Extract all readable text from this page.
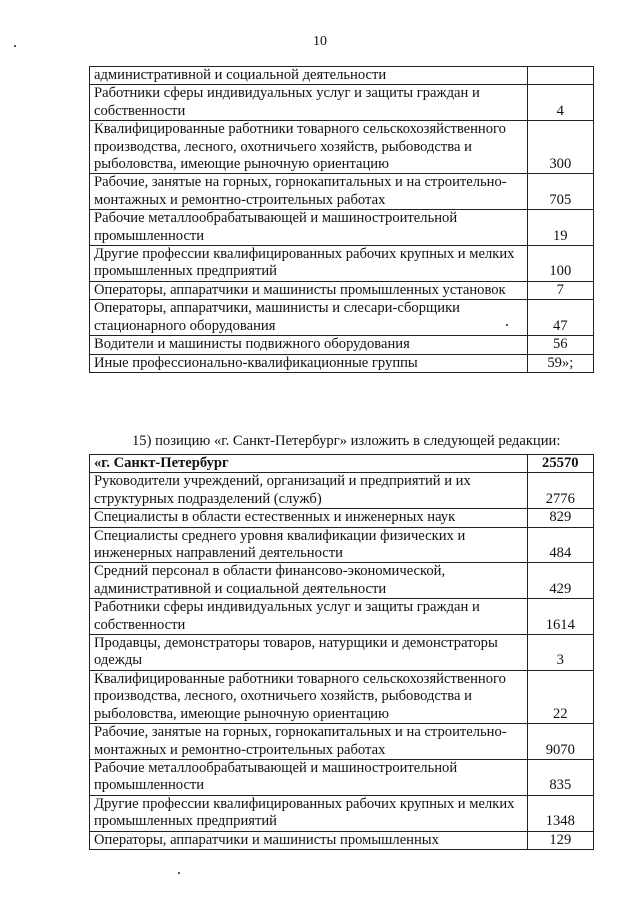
10
административной и социальной деятельности	
Работники сферы индивидуальных услуг и защиты граждан и собственности	4
Квалифицированные работники товарного сельскохозяйственного производства, лесного, охотничьего хозяйств, рыбоводства и рыболовства, имеющие рыночную ориентацию	300
Рабочие, занятые на горных, горнокапитальных и на строительно-монтажных и ремонтно-строительных работах	705
Рабочие металлообрабатывающей и машиностроительной промышленности	19
Другие профессии квалифицированных рабочих крупных и мелких промышленных предприятий	100
Операторы, аппаратчики и машинисты промышленных установок	7
Операторы, аппаратчики, машинисты и слесари-сборщики стационарного оборудования	47
Водители и машинисты подвижного оборудования	56
Иные профессионально-квалификационные группы	59»;
15) позицию «г. Санкт-Петербург» изложить в следующей редакции:
«г. Санкт-Петербург	25570
Руководители учреждений, организаций и предприятий и их структурных подразделений (служб)	2776
Специалисты в области естественных и инженерных наук	829
Специалисты среднего уровня квалификации физических и инженерных направлений деятельности	484
Средний персонал в области финансово-экономической, административной и социальной деятельности	429
Работники сферы индивидуальных услуг и защиты граждан и собственности	1614
Продавцы, демонстраторы товаров, натурщики и демонстраторы одежды	3
Квалифицированные работники товарного сельскохозяйственного производства, лесного, охотничьего хозяйств, рыбоводства и рыболовства, имеющие рыночную ориентацию	22
Рабочие, занятые на горных, горнокапитальных и на строительно-монтажных и ремонтно-строительных работах	9070
Рабочие металлообрабатывающей и машиностроительной промышленности	835
Другие профессии квалифицированных рабочих крупных и мелких промышленных предприятий	1348
Операторы, аппаратчики и машинисты промышленных	129
